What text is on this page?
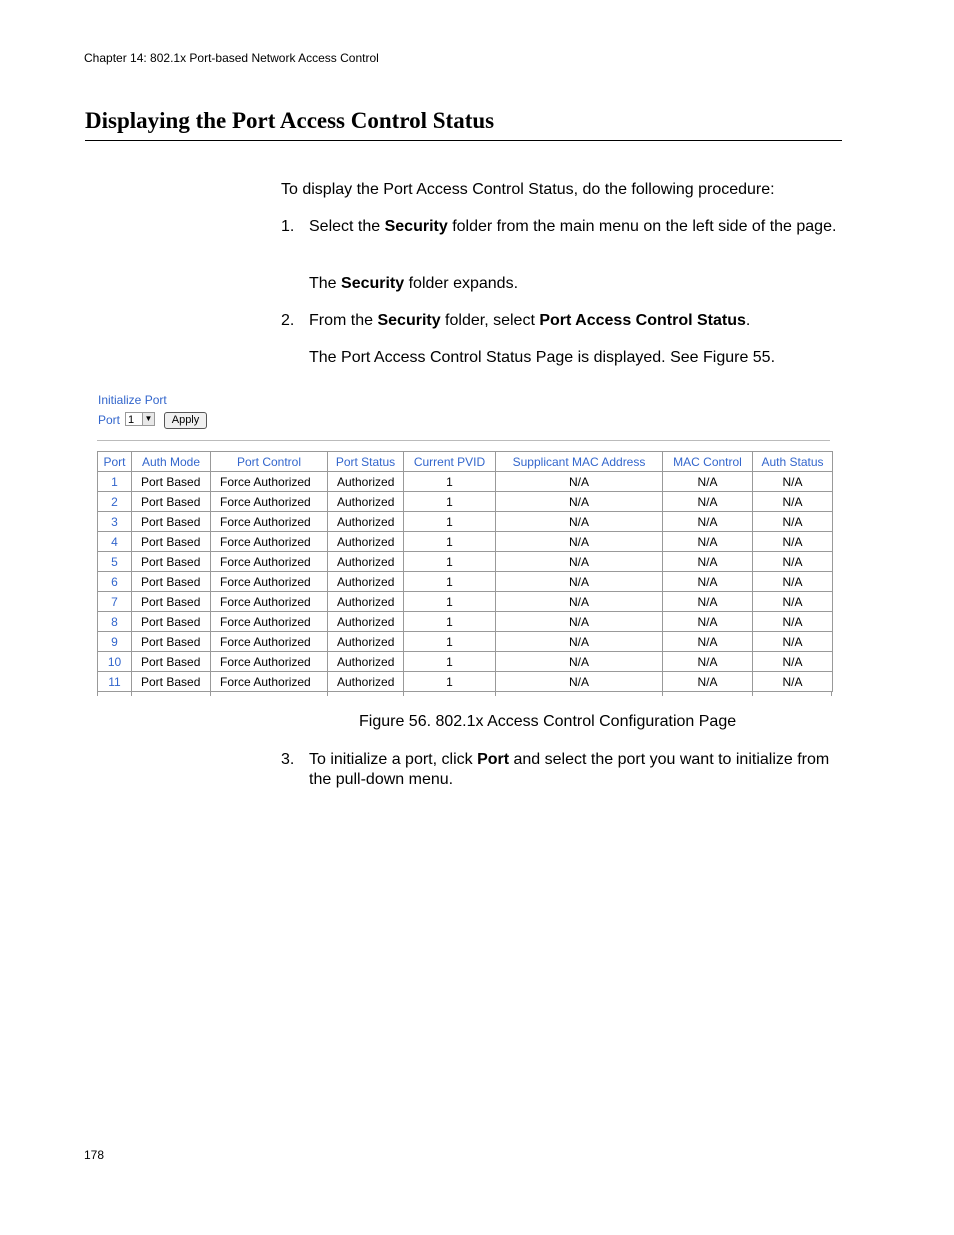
Chapter 14: 802.1x Port-based Network Access Control
Displaying the Port Access Control Status

To display the Port Access Control Status, do the following procedure:

1. Select the Security folder from the main menu on the left side of the page.

The Security folder expands.

2. From the Security folder, select Port Access Control Status.

The Port Access Control Status Page is displayed. See Figure 55.

Initialize Port
Port 1	▼	Apply
Port	Auth Mode	Port Control	Port Status	Current PVID	Supplicant MAC Address	MAC Control	Auth Status
1	Port Based	Force Authorized	Authorized	1	N/A	N/A	N/A
2	Port Based	Force Authorized	Authorized	1	N/A	N/A	N/A
3	Port Based	Force Authorized	Authorized	1	N/A	N/A	N/A
4	Port Based	Force Authorized	Authorized	1	N/A	N/A	N/A
5	Port Based	Force Authorized	Authorized	1	N/A	N/A	N/A
6	Port Based	Force Authorized	Authorized	1	N/A	N/A	N/A
7	Port Based	Force Authorized	Authorized	1	N/A	N/A	N/A
8	Port Based	Force Authorized	Authorized	1	N/A	N/A	N/A
9	Port Based	Force Authorized	Authorized	1	N/A	N/A	N/A
10	Port Based	Force Authorized	Authorized	1	N/A	N/A	N/A
11	Port Based	Force Authorized	Authorized	1	N/A	N/A	N/A
Figure 56. 802.1x Access Control Configuration Page
3. To initialize a port, click Port and select the port you want to initialize from the pull-down menu.

178
